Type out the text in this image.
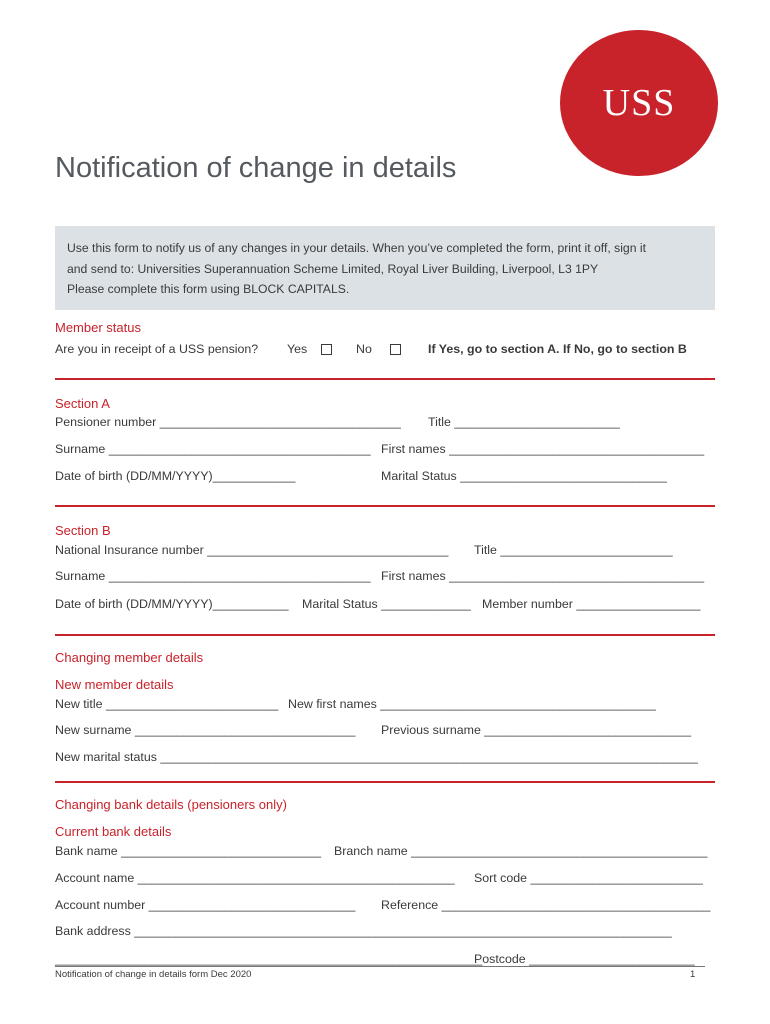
USS
Notification of change in details
Use this form to notify us of any changes in your details. When you’ve completed the form, print it off, sign it
and send to: Universities Superannuation Scheme Limited, Royal Liver Building, Liverpool, L3 1PY
Please complete this form using BLOCK CAPITALS.
Member status
Are you in receipt of a USS pension? Yes	No	If Yes, go to section A. If No, go to section B
Section A
Pensioner number ___________________________________ Title ________________________
Surname ______________________________________ First names _____________________________________
Date of birth (DD/MM/YYYY)____________	Marital Status ______________________________
Section B
National Insurance number ___________________________________ Title _________________________
Surname ______________________________________ First names _____________________________________
Date of birth (DD/MM/YYYY)___________ Marital Status _____________ Member number __________________
Changing member details
New member details
New title _________________________ New first names ________________________________________
New surname ________________________________ Previous surname ______________________________
New marital status ______________________________________________________________________________
Changing bank details (pensioners only)
Current bank details
Bank name _____________________________ Branch name ___________________________________________
Account name ______________________________________________ Sort code _________________________
Account number ______________________________ Reference _______________________________________
Bank address ______________________________________________________________________________
______________________________________________________________
Postcode ________________________
Notification of change in details form Dec 2020	1
